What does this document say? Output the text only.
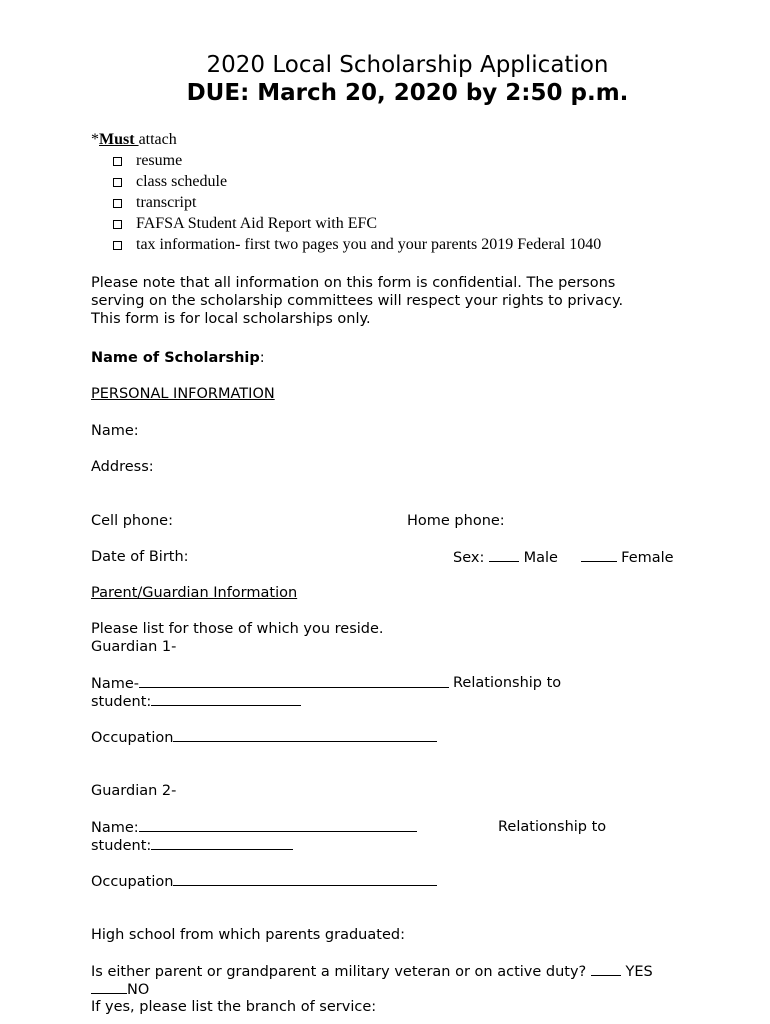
2020 Local Scholarship Application
DUE: March 20, 2020 by 2:50 p.m.
*Must attach
resume
class schedule
transcript
FAFSA Student Aid Report with EFC
tax information- first two pages you and your parents 2019 Federal 1040
Please note that all information on this form is confidential. The persons
serving on the scholarship committees will respect your rights to privacy.
This form is for local scholarships only.
Name of Scholarship:
PERSONAL INFORMATION
Name:
Address:
Cell phone:	Home phone:
Date of Birth:	Sex:	Male	Female
Parent/Guardian Information
Please list for those of which you reside.
Guardian 1-
Name-	Relationship to
student:
Occupation
Guardian 2-
Name:	Relationship to
student:
Occupation
High school from which parents graduated:
Is either parent or grandparent a military veteran or on active duty?	YES
NO
If yes, please list the branch of service:
